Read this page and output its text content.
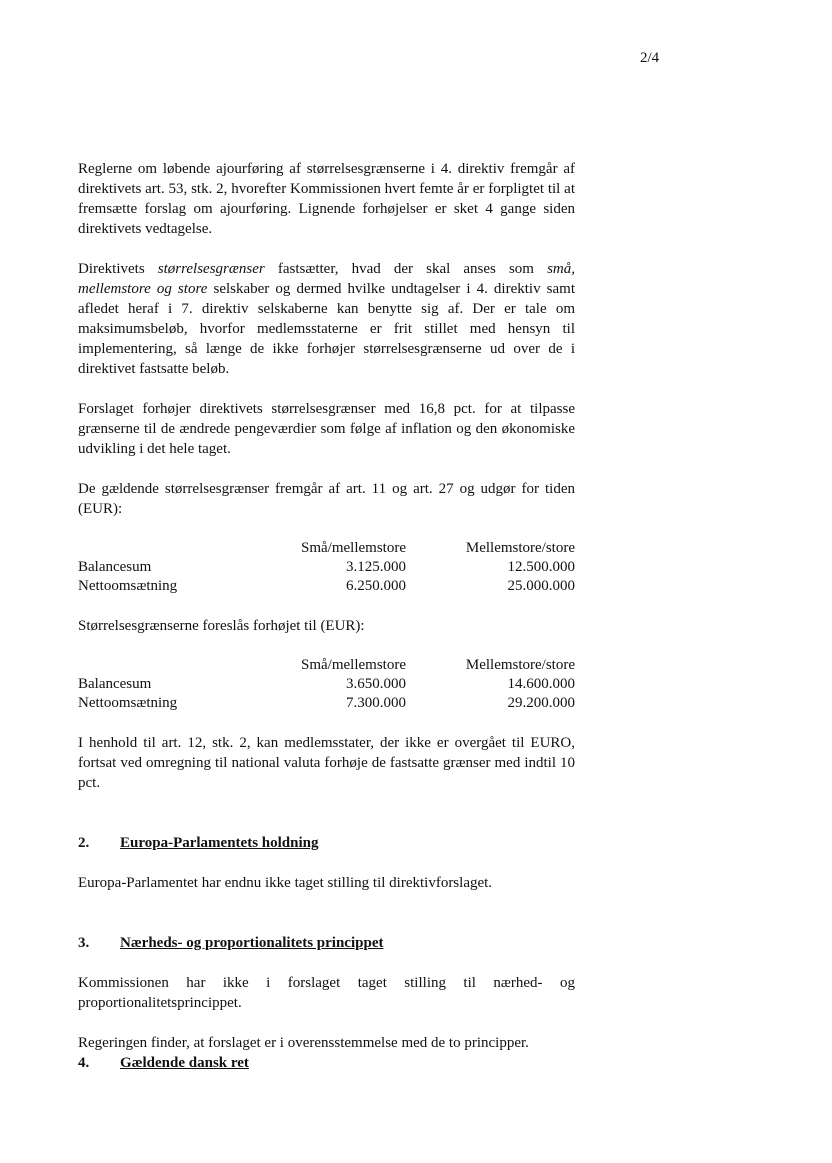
2/4

Reglerne om løbende ajourføring af størrelsesgrænserne i 4. direktiv fremgår af direktivets art. 53, stk. 2, hvorefter Kommissionen hvert femte år er forpligtet til at fremsætte forslag om ajourføring. Lignende forhøjelser er sket 4 gange siden direktivets vedtagelse.

Direktivets størrelsesgrænser fastsætter, hvad der skal anses som små, mellemstore og store selskaber og dermed hvilke undtagelser i 4. direktiv samt afledet heraf i 7. direktiv selskaberne kan benytte sig af. Der er tale om maksimumsbeløb, hvorfor medlemsstaterne er frit stillet med hensyn til implementering, så længe de ikke forhøjer størrelsesgrænserne ud over de i direktivet fastsatte beløb.

Forslaget forhøjer direktivets størrelsesgrænser med 16,8 pct. for at tilpasse grænserne til de ændrede pengeværdier som følge af inflation og den økonomiske udvikling i det hele taget.

De gældende størrelsesgrænser fremgår af art. 11 og art. 27 og udgør for tiden (EUR):

	Små/mellemstore	Mellemstore/store
Balancesum	3.125.000	12.500.000
Nettoomsætning	6.250.000	25.000.000

Størrelsesgrænserne foreslås forhøjet til (EUR):

	Små/mellemstore	Mellemstore/store
Balancesum	3.650.000	14.600.000
Nettoomsætning	7.300.000	29.200.000

I henhold til art. 12, stk. 2, kan medlemsstater, der ikke er overgået til EURO, fortsat ved omregning til national valuta forhøje de fastsatte grænser med indtil 10 pct.

2. Europa-Parlamentets holdning

Europa-Parlamentet har endnu ikke taget stilling til direktivforslaget.

3. Nærheds- og proportionalitets princippet

Kommissionen har ikke i forslaget taget stilling til nærhed- og proportionalitetsprincippet.

Regeringen finder, at forslaget er i overensstemmelse med de to principper.

4. Gældende dansk ret
